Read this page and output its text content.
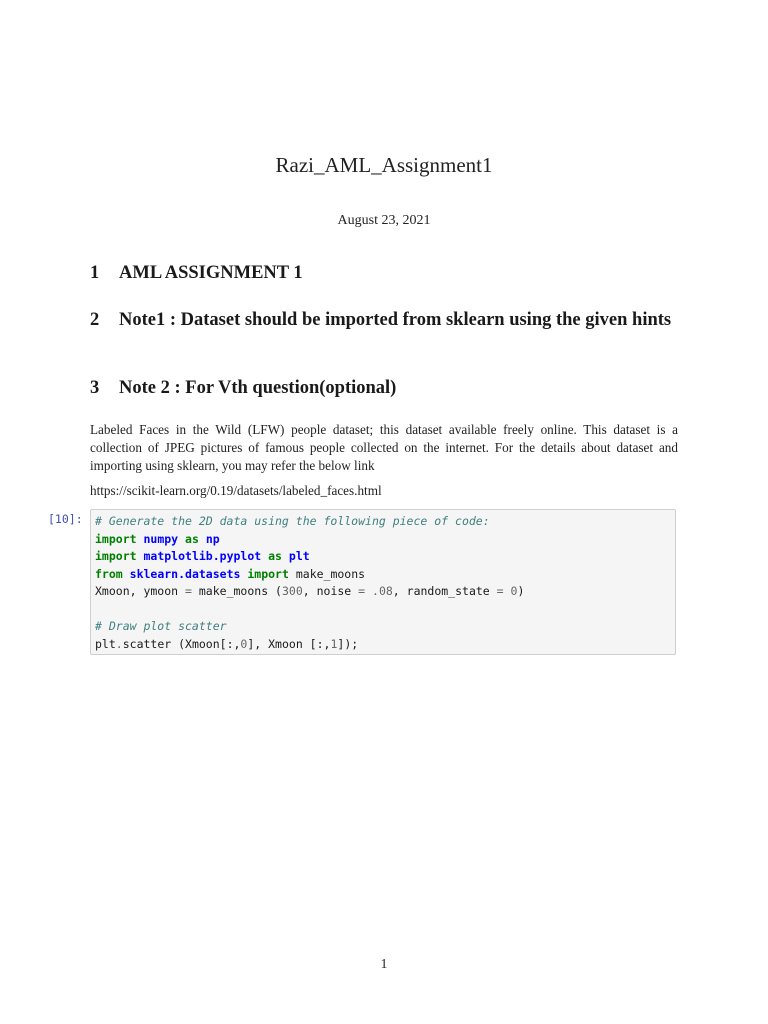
Razi_AML_Assignment1
August 23, 2021
1	AML ASSIGNMENT 1
2	Note1 : Dataset should be imported from sklearn using the given hints
3	Note 2 : For Vth question(optional)
Labeled Faces in the Wild (LFW) people dataset; this dataset available freely online. This dataset is a collection of JPEG pictures of famous people collected on the internet. For the details about dataset and importing using sklearn, you may refer the below link
https://scikit-learn.org/0.19/datasets/labeled_faces.html
[10]: # Generate the 2D data using the following piece of code:
import numpy as np
import matplotlib.pyplot as plt
from sklearn.datasets import make_moons
Xmoon, ymoon = make_moons (300, noise = .08, random_state = 0)
# Draw plot scatter
plt.scatter (Xmoon[:,0], Xmoon [:,1]);
1
